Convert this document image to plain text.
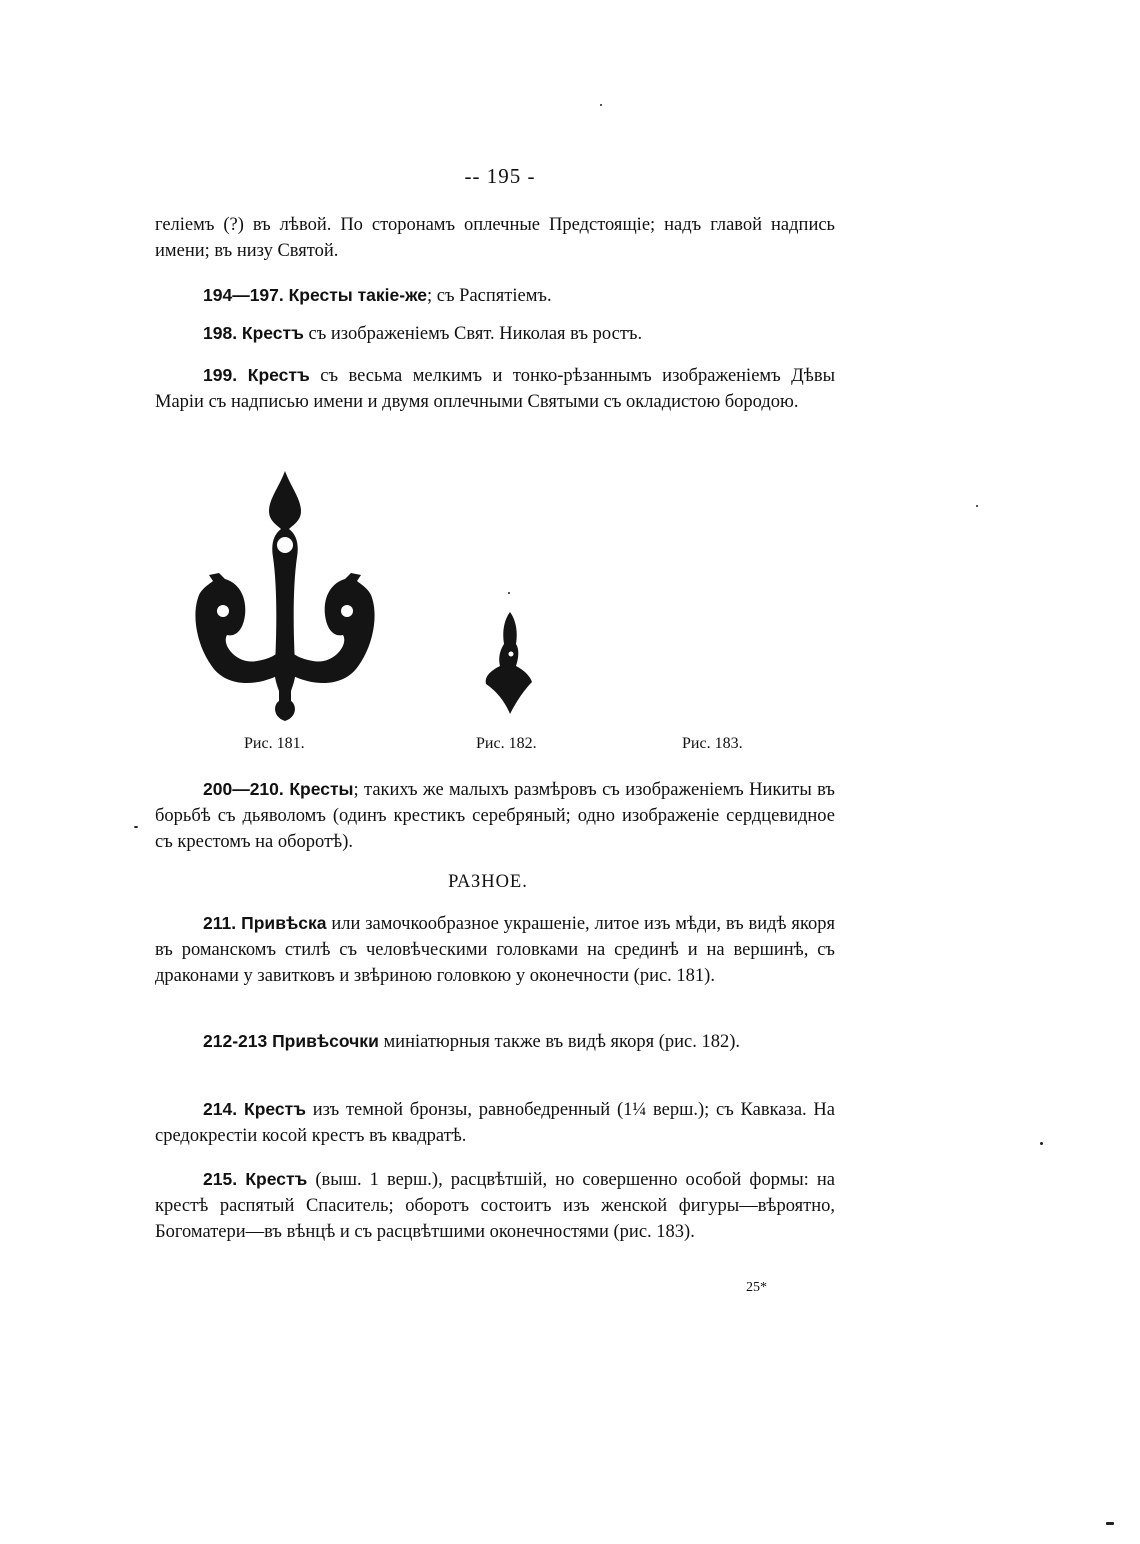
-- 195 -
геліемъ (?) въ лѣвой. По сторонамъ оплечные Предстоящіе; надъ главой надпись имени; въ низу Святой.
194—197. Кресты такіе-же; съ Распятіемъ.
198. Крестъ съ изображеніемъ Свят. Николая въ ростъ.
199. Крестъ съ весьма мелкимъ и тонко-рѣзаннымъ изображеніемъ Дѣвы Маріи съ надписью имени и двумя оплечными Святыми съ окладистою бородою.
Рис. 181.	Рис. 182.	Рис. 183.
200—210. Кресты; такихъ же малыхъ размѣровъ съ изображеніемъ Никиты въ борьбѣ съ дьяволомъ (одинъ крестикъ серебряный; одно изображеніе сердцевидное съ крестомъ на оборотѣ).
РАЗНОЕ.
211. Привѣска или замочкообразное украшеніе, литое изъ мѣди, въ видѣ якоря въ романскомъ стилѣ съ человѣческими головками на срединѣ и на вершинѣ, съ драконами у завитковъ и звѣриною головкою у оконечности (рис. 181).
212-213 Привѣсочки миніатюрныя также въ видѣ якоря (рис. 182).
214. Крестъ изъ темной бронзы, равнобедренный (1¼ верш.); съ Кавказа. На средокрестіи косой крестъ въ квадратѣ.
215. Крестъ (выш. 1 верш.), расцвѣтшій, но совершенно особой формы: на крестѣ распятый Спаситель; оборотъ состоитъ изъ женской фигуры—вѣроятно, Богоматери—въ вѣнцѣ и съ расцвѣтшими оконечностями (рис. 183).
25*
